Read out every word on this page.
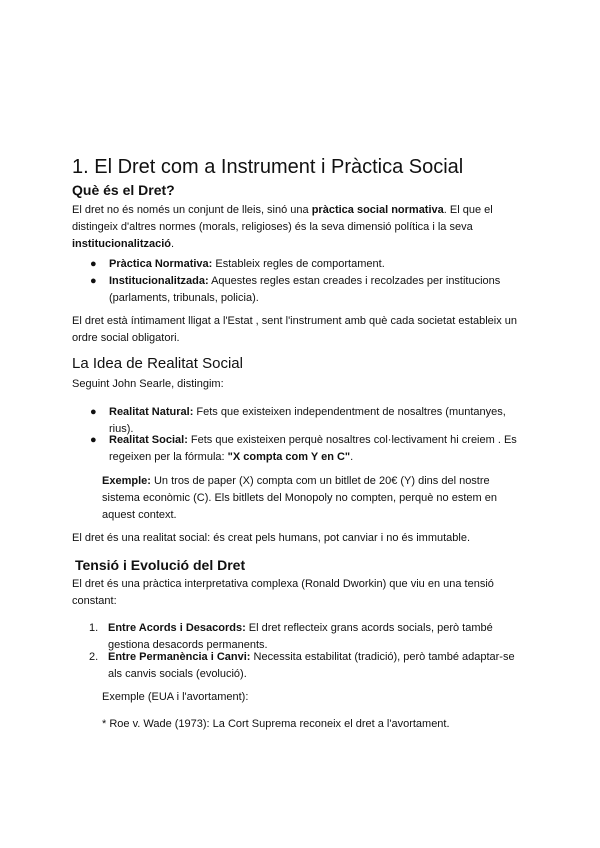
1. El Dret com a Instrument i Pràctica Social
Què és el Dret?

El dret no és només un conjunt de lleis, sinó una pràctica social normativa. El que el distingeix d'altres normes (morals, religioses) és la seva dimensió política i la seva institucionalització.

● Pràctica Normativa: Estableix regles de comportament.
● Institucionalitzada: Aquestes regles estan creades i recolzades per institucions (parlaments, tribunals, policia).

El dret està íntimament lligat a l'Estat , sent l'instrument amb què cada societat estableix un ordre social obligatori.

La Idea de Realitat Social

Seguint John Searle, distingim:

● Realitat Natural: Fets que existeixen independentment de nosaltres (muntanyes, rius).
● Realitat Social: Fets que existeixen perquè nosaltres col·lectivament hi creiem . Es regeixen per la fórmula: "X compta com Y en C".

Exemple: Un tros de paper (X) compta com un bitllet de 20€ (Y) dins del nostre sistema econòmic (C). Els bitllets del Monopoly no compten, perquè no estem en aquest context.

El dret és una realitat social: és creat pels humans, pot canviar i no és immutable.

Tensió i Evolució del Dret

El dret és una pràctica interpretativa complexa (Ronald Dworkin) que viu en una tensió constant:

1. Entre Acords i Desacords: El dret reflecteix grans acords socials, però també gestiona desacords permanents.
2. Entre Permanència i Canvi: Necessita estabilitat (tradició), però també adaptar-se als canvis socials (evolució).

Exemple (EUA i l'avortament):

* Roe v. Wade (1973): La Cort Suprema reconeix el dret a l'avortament.
